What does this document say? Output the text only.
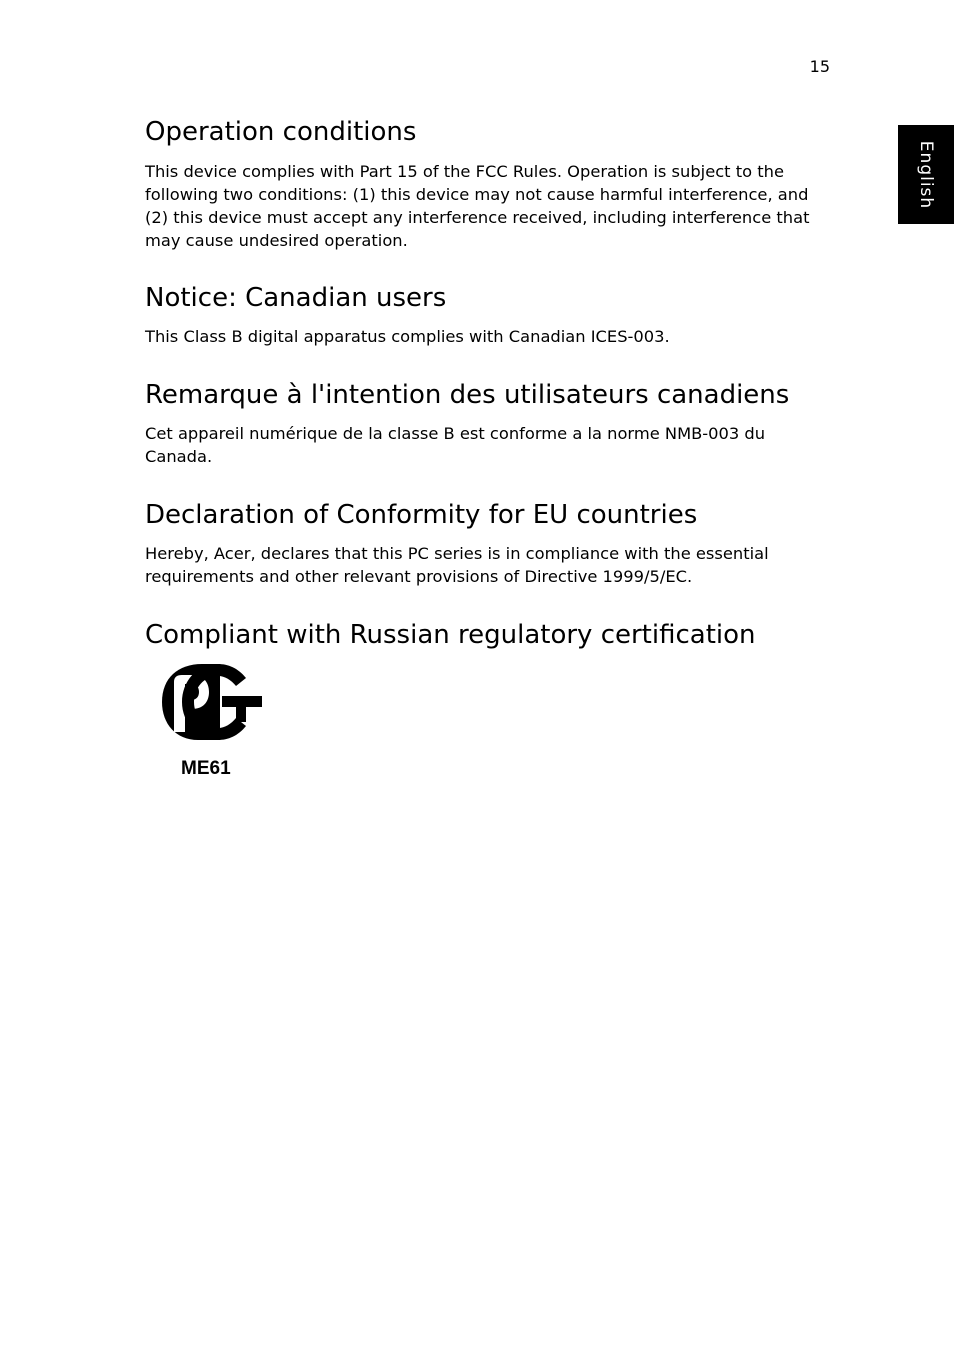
15
English
Operation conditions

This device complies with Part 15 of the FCC Rules. Operation is subject to the following two conditions: (1) this device may not cause harmful interference, and (2) this device must accept any interference received, including interference that may cause undesired operation.

Notice: Canadian users

This Class B digital apparatus complies with Canadian ICES-003.

Remarque à l'intention des utilisateurs canadiens

Cet appareil numérique de la classe B est conforme a la norme NMB-003 du Canada.

Declaration of Conformity for EU countries

Hereby, Acer, declares that this PC series is in compliance with the essential requirements and other relevant provisions of Directive 1999/5/EC.

Compliant with Russian regulatory certification
ME61
